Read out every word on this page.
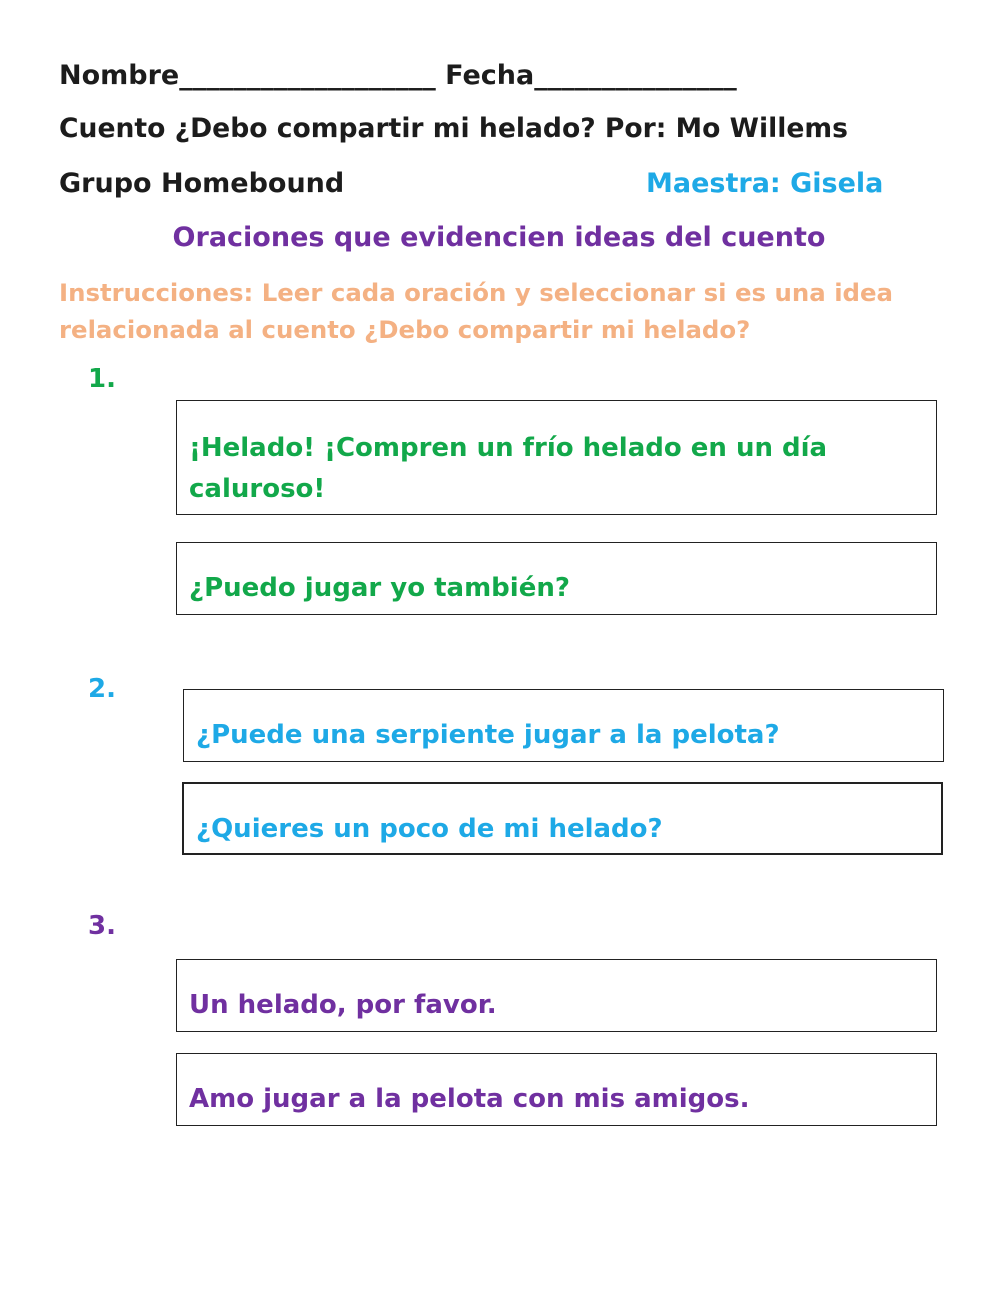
Nombre___________________ Fecha_______________
Cuento ¿Debo compartir mi helado? Por: Mo Willems
Grupo Homebound	Maestra: Gisela
Oraciones que evidencien ideas del cuento
Instrucciones: Leer cada oración y seleccionar si es una idea relacionada al cuento ¿Debo compartir mi helado?
1.
¡Helado! ¡Compren un frío helado en un día caluroso!
¿Puedo jugar yo también?
2.
¿Puede una serpiente jugar a la pelota?
¿Quieres un poco de mi helado?
3.
Un helado, por favor.
Amo jugar a la pelota con mis amigos.
